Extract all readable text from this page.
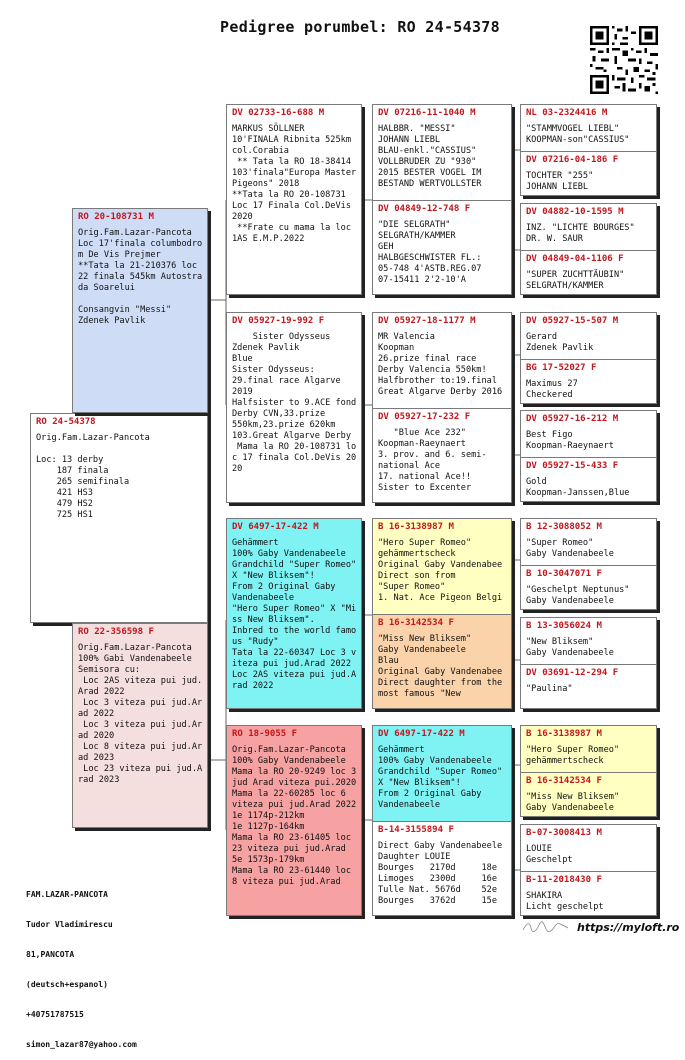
Pedigree porumbel: RO 24-54378
RO 24-54378
Orig.Fam.Lazar-Pancota

Loc: 13 derby
187 finala
265 semifinala
421 HS3
479 HS2
725 HS1
RO 20-108731 M
Orig.Fam.Lazar-Pancota
Loc 17'finala columbodro
m De Vis Prejmer
**Tata la 21-210376 loc
22 finala 545km Autostra
da Soarelui

Consangvin "Messi"
Zdenek Pavlik
RO 22-356598 F
Orig.Fam.Lazar-Pancota
100% Gabi Vandenabeele
Semisora cu:
Loc 2AS viteza pui jud.
Arad 2022
Loc 3 viteza pui jud.Ar
ad 2022
Loc 3 viteza pui jud.Ar
ad 2020
Loc 8 viteza pui jud.Ar
ad 2023
Loc 23 viteza pui jud.A
rad 2023
DV 02733-16-688 M
MARKUS SÖLLNER
10'FINALA Ribnita 525km
col.Corabia
** Tata la RO 18-38414
103'finala"Europa Master
Pigeons" 2018
**Tata la RO 20-108731
Loc 17 Finala Col.DeVis
2020
**Frate cu mama la loc
1AS E.M.P.2022
DV 05927-19-992 F
Sister Odysseus
Zdenek Pavlik
Blue
Sister Odysseus:
29.final race Algarve
2019
Halfsister to 9.ACE fond
Derby CVN,33.prize
550km,23.prize 620km
103.Great Algarve Derby
Mama la RO 20-108731 lo
c 17 finala Col.DeVis 20
20
DV 6497-17-422 M
Gehämmert
100% Gaby Vandenabeele
Grandchild "Super Romeo"
X "New Bliksem"!
From 2 Original Gaby
Vandenabeele
"Hero Super Romeo" X "Mi
ss New Bliksem".
Inbred to the world famo
us "Rudy"
Tata la 22-60347 Loc 3 v
iteza pui jud.Arad 2022
Loc 2AS viteza pui jud.A
rad 2022
RO 18-9055 F
Orig.Fam.Lazar-Pancota
100% Gaby Vandenabeele
Mama la RO 20-9249 loc 3
jud Arad viteza pui.2020
Mama la 22-60285 loc 6
viteza pui jud.Arad 2022
1e 1174p-212km
1e 1127p-164km
Mama la RO 23-61405 loc
23 viteza pui jud.Arad
5e 1573p-179km
Mama la RO 23-61440 loc
8 viteza pui jud.Arad
DV 07216-11-1040 M
HALBBR. "MESSI"
JOHANN LIEBL
BLAU-enkl."CASSIUS"
VOLLBRUDER ZU "930"
2015 BESTER VOGEL IM
BESTAND WERTVOLLSTER
DV 04849-12-748 F
"DIE SELGRATH"
SELGRATH/KAMMER
GEH
HALBGESCHWISTER FL.:
05-748 4'ASTB.REG.07
07-15411 2'2-10'A
DV 05927-18-1177 M
MR Valencia
Koopman
26.prize final race
Derby Valencia 550km!
Halfbrother to:19.final
Great Algarve Derby 2016
DV 05927-17-232 F
"Blue Ace 232"
Koopman-Raeynaert
3. prov. and 6. semi-
national Ace
17. national Ace!!
Sister to Excenter
B 16-3138987 M
"Hero Super Romeo"
gehämmertscheck
Original Gaby Vandenabee
Direct son from
"Super Romeo"
1. Nat. Ace Pigeon Belgi
B 16-3142534 F
"Miss New Bliksem"
Gaby Vandenabeele
Blau
Original Gaby Vandenabee
Direct daughter from the
most famous "New
DV 6497-17-422 M
Gehämmert
100% Gaby Vandenabeele
Grandchild "Super Romeo"
X "New Bliksem"!
From 2 Original Gaby
Vandenabeele
B-14-3155894 F
Direct Gaby Vandenabeele
Daughter LOUIE
Bourges   2170d     18e
Limoges   2300d     16e
Tulle Nat. 5676d    52e
Bourges   3762d     15e
NL 03-2324416 M
"STAMMVOGEL LIEBL"
KOOPMAN-son"CASSIUS"
DV 07216-04-186 F
TOCHTER "255"
JOHANN LIEBL
DV 04882-10-1595 M
INZ. "LICHTE BOURGES"
DR. W. SAUR
DV 04849-04-1106 F
"SUPER ZUCHTTÄUBIN"
SELGRATH/KAMMER
DV 05927-15-507 M
Gerard
Zdenek Pavlik
BG 17-52027 F
Maximus 27
Checkered
DV 05927-16-212 M
Best Figo
Koopman-Raeynaert
DV 05927-15-433 F
Gold
Koopman-Janssen,Blue
B 12-3088052 M
"Super Romeo"
Gaby Vandenabeele
B 10-3047071 F
"Geschelpt Neptunus"
Gaby Vandenabeele
B 13-3056024 M
"New Bliksem"
Gaby Vandenabeele
DV 03691-12-294 F
"Paulina"
B 16-3138987 M
"Hero Super Romeo"
gehämmertscheck
B 16-3142534 F
"Miss New Bliksem"
Gaby Vandenabeele
B-07-3008413 M
LOUIE
Geschelpt
B-11-2018430 F
SHAKIRA
Licht geschelpt

FAM.LAZAR-PANCOTA

Tudor Vladimirescu

81,PANCOTA

(deutsch+espanol)

+40751787515

simon_lazar87@yahoo.com

https://myloft.ro
